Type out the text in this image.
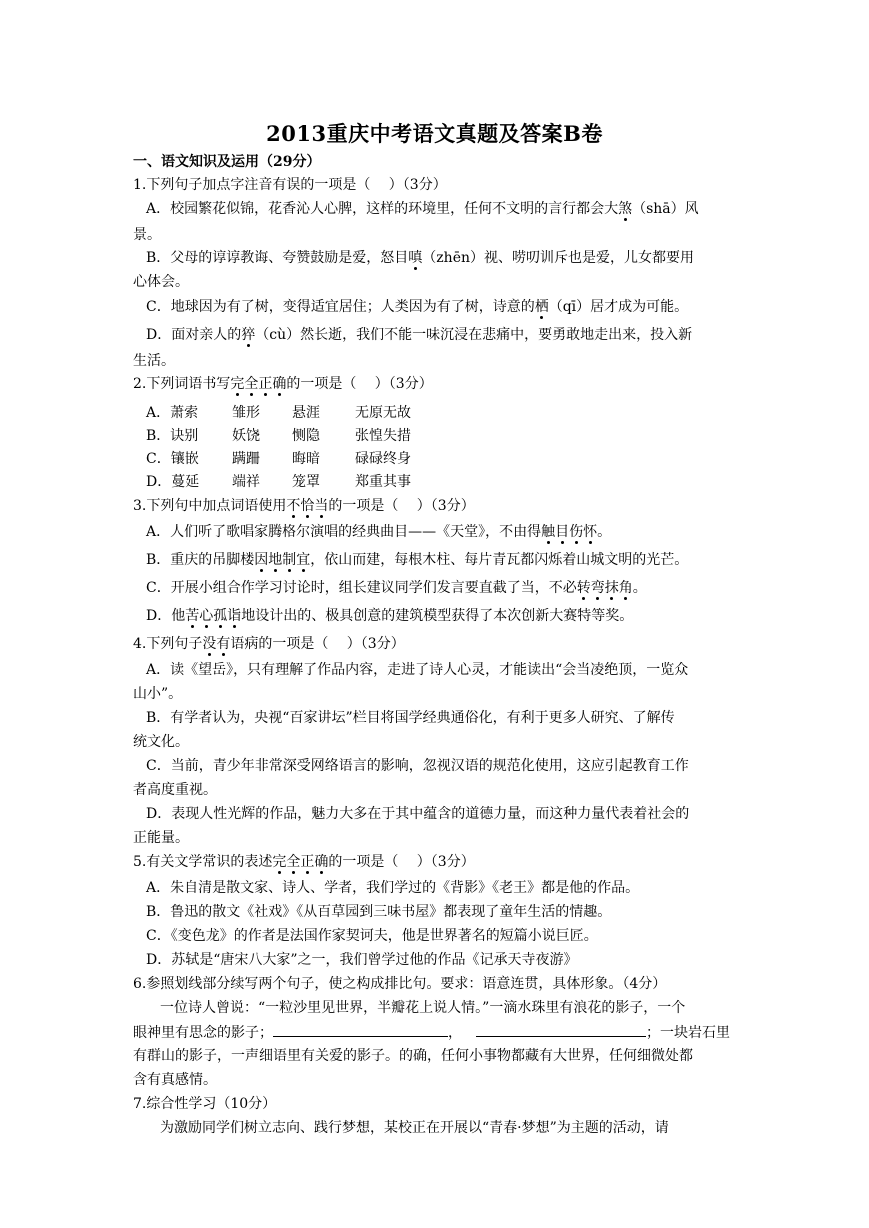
2013重庆中考语文真题及答案B卷
一、语文知识及运用（29分）
1.下列句子加点字注音有误的一项是（　 ）（3分）
A．校园繁花似锦，花香沁人心脾，这样的环境里，任何不文明的言行都会大煞（shā）风
景。
B．父母的谆谆教诲、夸赞鼓励是爱，怒目嗔（zhēn）视、唠叨训斥也是爱，儿女都要用
心体会。
C．地球因为有了树，变得适宜居住；人类因为有了树，诗意的栖（qī）居才成为可能。
D．面对亲人的猝（cù）然长逝，我们不能一味沉浸在悲痛中，要勇敢地走出来，投入新
生活。
2.下列词语书写完全正确的一项是（　 ）（3分）
A．萧索 雏形 悬涯	无原无故
B．诀别 妖饶 恻隐	张惶失措
C．镶嵌 蹒跚 晦暗	碌碌终身
D．蔓延 端祥 笼罩	郑重其事
3.下列句中加点词语使用不恰当的一项是（　 ）（3分）
A．人们听了歌唱家腾格尔演唱的经典曲目——《天堂》，不由得触目伤怀。
B．重庆的吊脚楼因地制宜，依山而建，每根木柱、每片青瓦都闪烁着山城文明的光芒。
C．开展小组合作学习讨论时，组长建议同学们发言要直截了当，不必转弯抹角。
D．他苦心孤诣地设计出的、极具创意的建筑模型获得了本次创新大赛特等奖。
4.下列句子没有语病的一项是（　 ）（3分）
A．读《望岳》，只有理解了作品内容，走进了诗人心灵，才能读出“会当凌绝顶，一览众
山小”。
B．有学者认为，央视“百家讲坛”栏目将国学经典通俗化，有利于更多人研究、了解传
统文化。
C．当前，青少年非常深受网络语言的影响，忽视汉语的规范化使用，这应引起教育工作
者高度重视。
D．表现人性光辉的作品，魅力大多在于其中蕴含的道德力量，而这种力量代表着社会的
正能量。
5.有关文学常识的表述完全正确的一项是（　 ）（3分）
A．朱自清是散文家、诗人、学者，我们学过的《背影》《老王》都是他的作品。
B．鲁迅的散文《社戏》《从百草园到三味书屋》都表现了童年生活的情趣。
C．《变色龙》的作者是法国作家契诃夫，他是世界著名的短篇小说巨匠。
D．苏轼是“唐宋八大家”之一，我们曾学过他的作品《记承天寺夜游》
6.参照划线部分续写两个句子，使之构成排比句。要求：语意连贯，具体形象。（4分）
一位诗人曾说：“一粒沙里见世界，半瓣花上说人情。”一滴水珠里有浪花的影子，一个
眼神里有思念的影子；	，	；一块岩石里
有群山的影子，一声细语里有关爱的影子。的确，任何小事物都藏有大世界，任何细微处都
含有真感情。
7.综合性学习（10分）
为激励同学们树立志向、践行梦想，某校正在开展以“青春·梦想”为主题的活动，请
